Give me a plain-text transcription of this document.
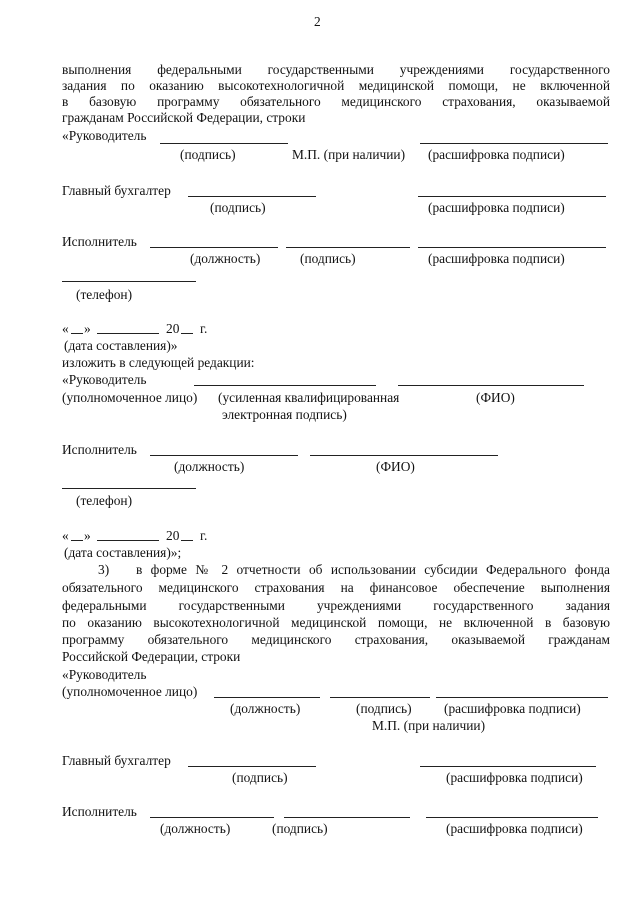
2
выполнения федеральными государственными учреждениями государственного
задания по оказанию высокотехнологичной медицинской помощи, не включенной
в базовую программу обязательного медицинского страхования, оказываемой
гражданам Российской Федерации, строки
«Руководитель
(подпись)	М.П. (при наличии) (расшифровка подписи)
Главный бухгалтер
(подпись)	(расшифровка подписи)
Исполнитель
(должность)	(подпись)	(расшифровка подписи)
(телефон)
« »	20 г.
(дата составления)»
изложить в следующей редакции:
«Руководитель
(уполномоченное лицо) (усиленная квалифицированная	(ФИО)
электронная подпись)
Исполнитель
(должность)	(ФИО)
(телефон)
« »	20 г.
(дата составления)»;
3) в форме № 2 отчетности об использовании субсидии Федерального фонда
обязательного медицинского страхования на финансовое обеспечение выполнения
федеральными государственными учреждениями государственного задания
по оказанию высокотехнологичной медицинской помощи, не включенной в базовую
программу обязательного медицинского страхования, оказываемой гражданам
Российской Федерации, строки
«Руководитель
(уполномоченное лицо)
(должность)	(подпись) (расшифровка подписи)
М.П. (при наличии)
Главный бухгалтер
(подпись)	(расшифровка подписи)
Исполнитель
(должность)	(подпись)	(расшифровка подписи)
